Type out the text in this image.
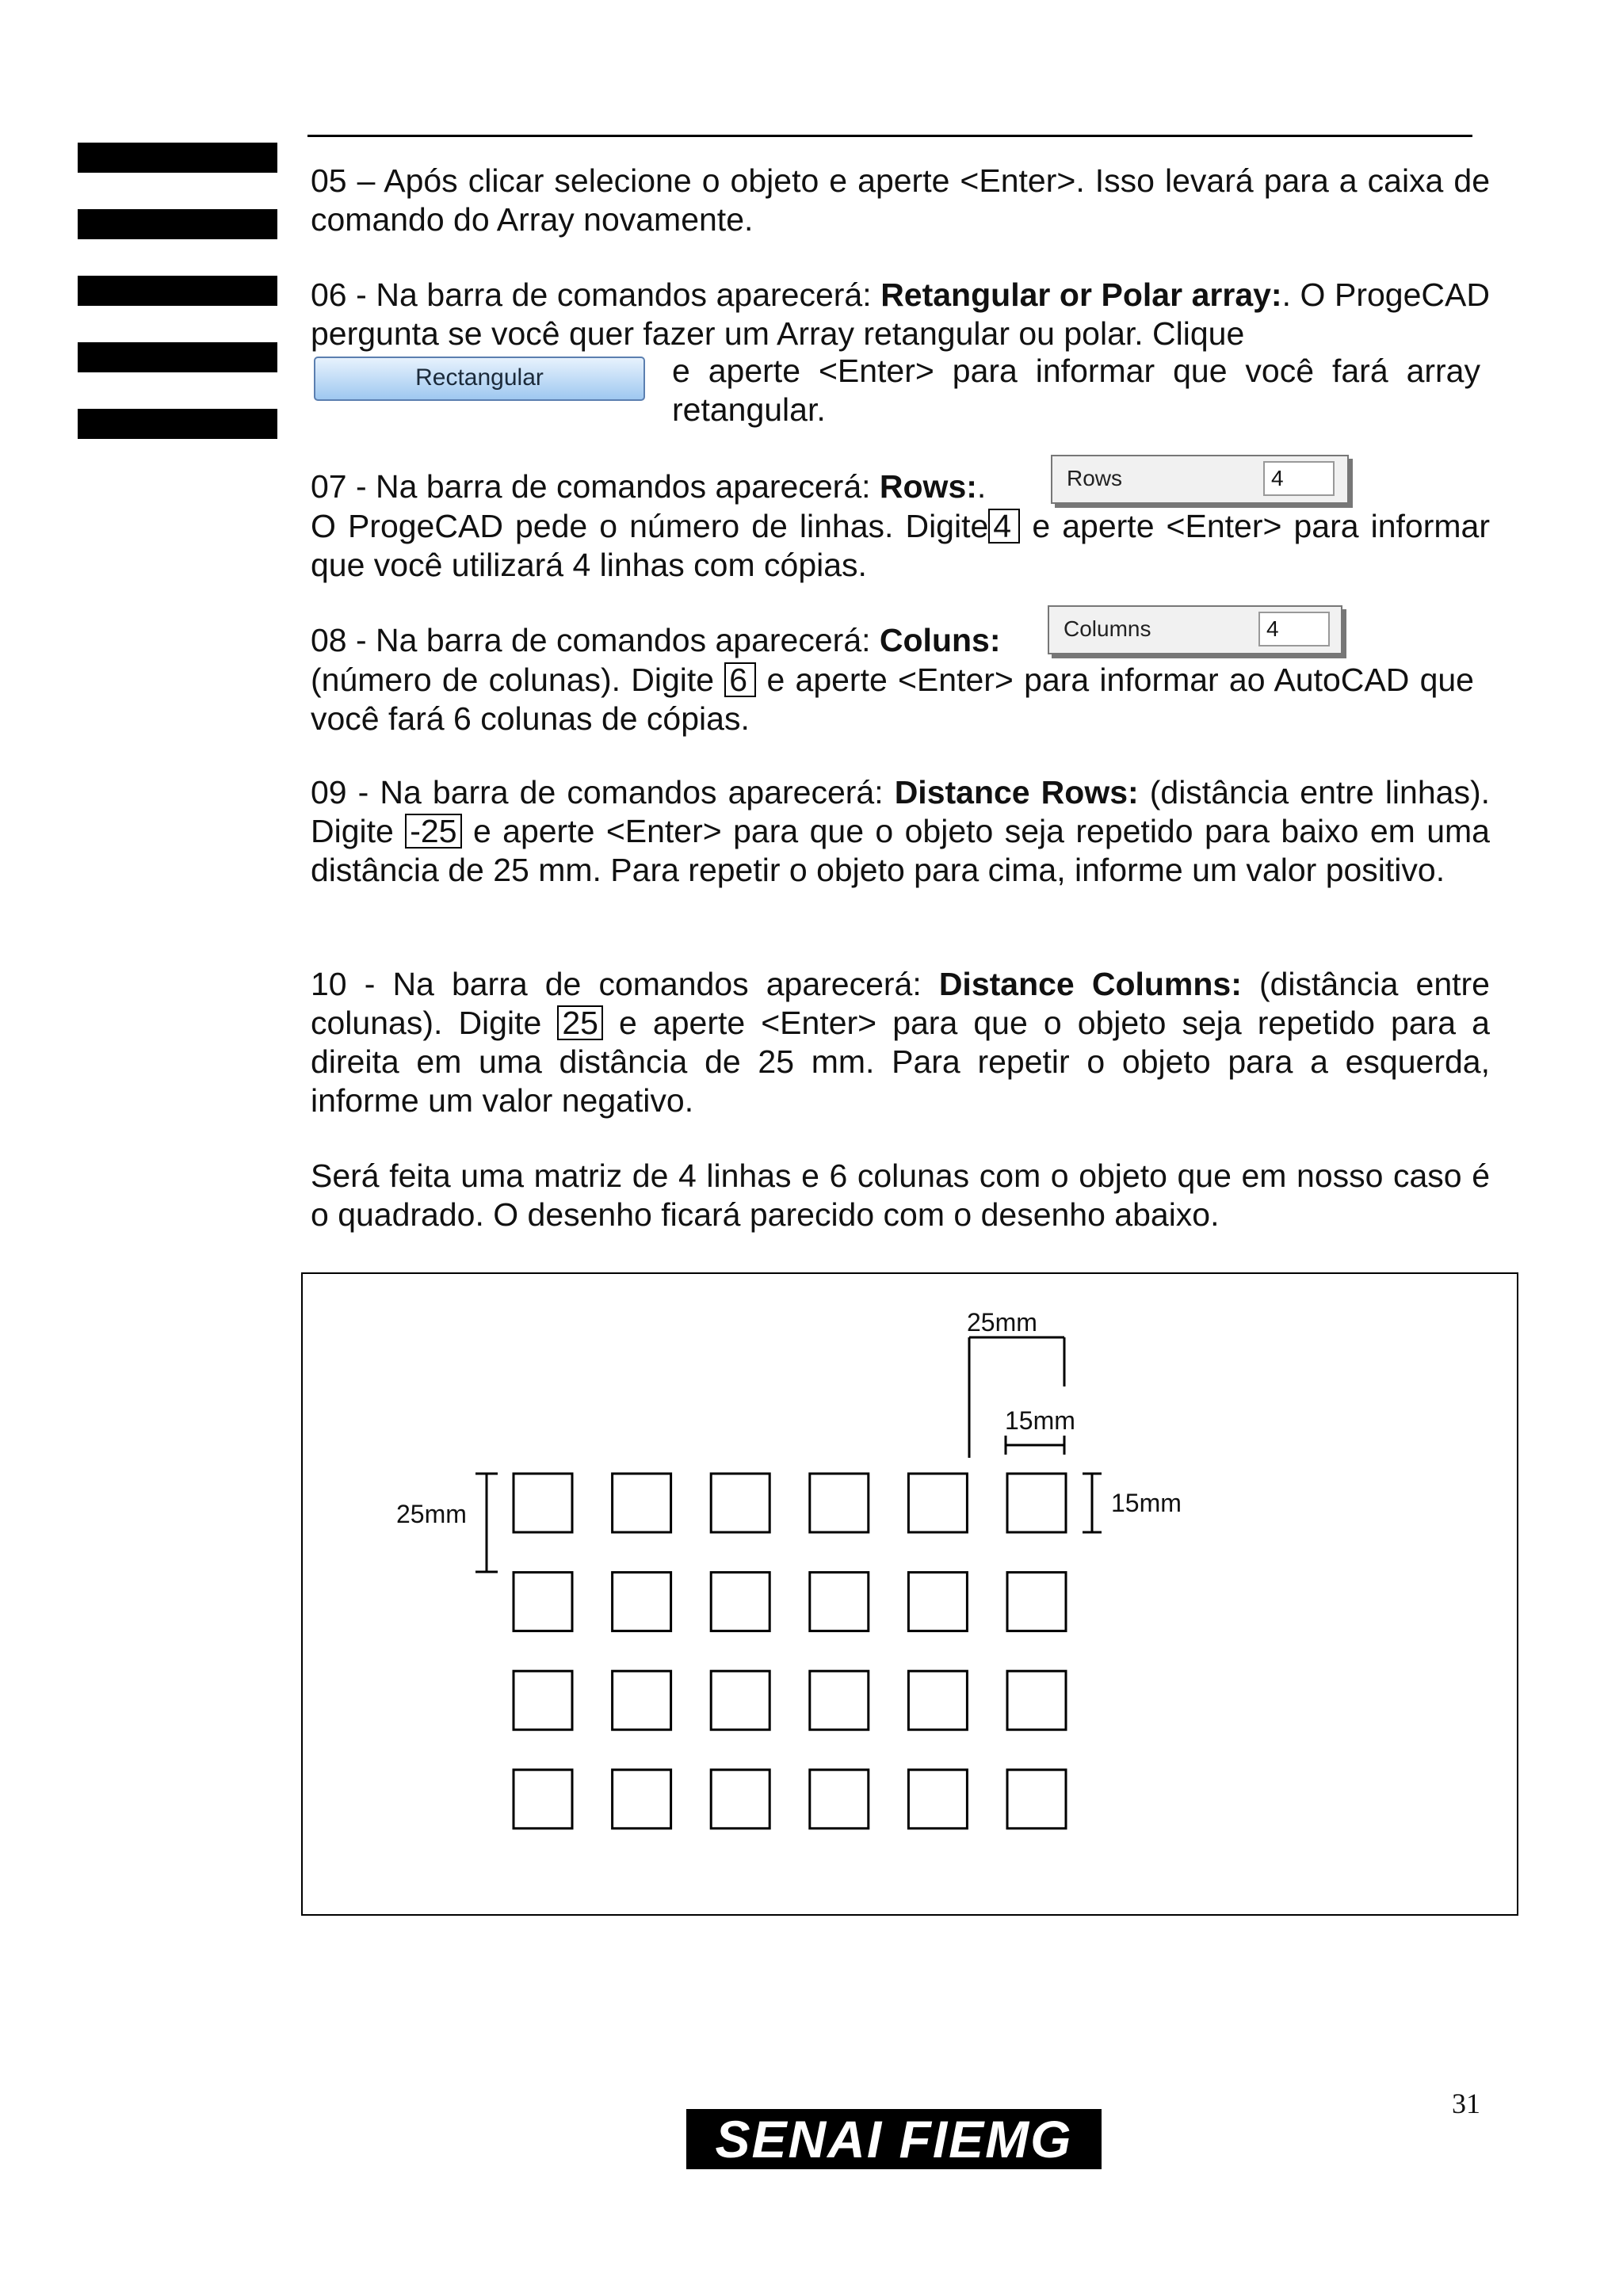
05 – Após clicar selecione o objeto e aperte <Enter>. Isso levará para a caixa de comando do Array novamente.

06 - Na barra de comandos aparecerá: Retangular or Polar array:. O ProgeCAD pergunta se você quer fazer um Array retangular ou polar. Clique

Rectangular	e aperte <Enter> para informar que você fará array retangular.

07 - Na barra de comandos aparecerá: Rows:.	Rows	4

O ProgeCAD pede o número de linhas. Digite 4 e aperte <Enter> para informar que você utilizará 4 linhas com cópias.

08 - Na barra de comandos aparecerá: Coluns:	Columns	4

(número de colunas). Digite 6 e aperte <Enter> para informar ao AutoCAD que você fará 6 colunas de cópias.

09 - Na barra de comandos aparecerá: Distance Rows: (distância entre linhas). Digite -25 e aperte <Enter> para que o objeto seja repetido para baixo em uma distância de 25 mm. Para repetir o objeto para cima, informe um valor positivo.

10 - Na barra de comandos aparecerá: Distance Columns: (distância entre colunas). Digite 25 e aperte <Enter> para que o objeto seja repetido para a direita em uma distância de 25 mm. Para repetir o objeto para a esquerda, informe um valor negativo.

Será feita uma matriz de 4 linhas e 6 colunas com o objeto que em nosso caso é o quadrado. O desenho ficará parecido com o desenho abaixo.

25mm
15mm
25mm	15mm
31
SENAI FIEMG
